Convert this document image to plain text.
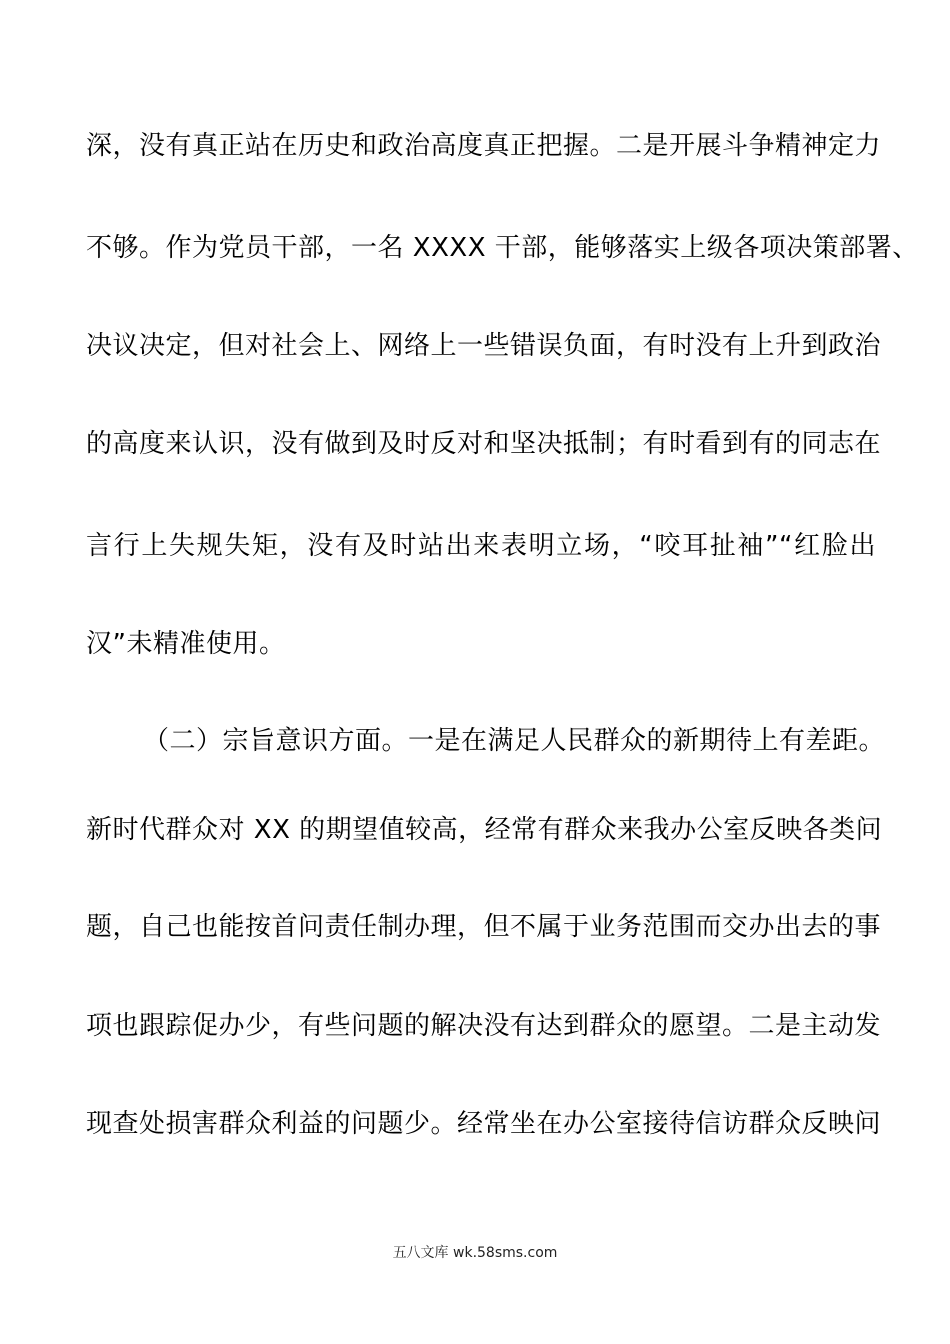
深，没有真正站在历史和政治高度真正把握。二是开展斗争精神定力
不够。作为党员干部，一名 XXXX 干部，能够落实上级各项决策部署、
决议决定，但对社会上、网络上一些错误负面，有时没有上升到政治
的高度来认识，没有做到及时反对和坚决抵制；有时看到有的同志在
言行上失规失矩，没有及时站出来表明立场，“咬耳扯袖”“红脸出
汉”未精准使用。
（二）宗旨意识方面。一是在满足人民群众的新期待上有差距。
新时代群众对 XX 的期望值较高，经常有群众来我办公室反映各类问
题，自己也能按首问责任制办理，但不属于业务范围而交办出去的事
项也跟踪促办少，有些问题的解决没有达到群众的愿望。二是主动发
现查处损害群众利益的问题少。经常坐在办公室接待信访群众反映问
五八文库 wk.58sms.com
